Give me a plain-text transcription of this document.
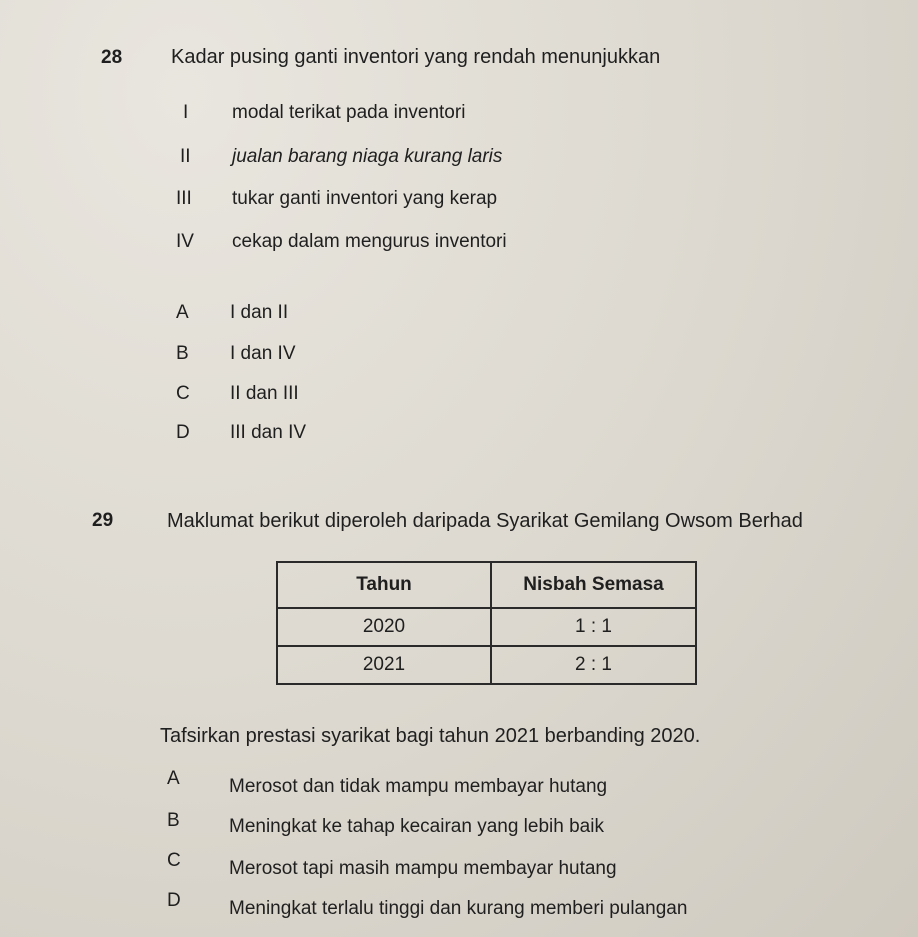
28 Kadar pusing ganti inventori yang rendah menunjukkan
I modal terikat pada inventori
II jualan barang niaga kurang laris
III tukar ganti inventori yang kerap
IV cekap dalam mengurus inventori
A I dan II
B I dan IV
C II dan III
D III dan IV
29	Maklumat berikut diperoleh daripada Syarikat Gemilang Owsom Berhad
Tahun	Nisbah Semasa
2020	1 : 1
2021	2 : 1
Tafsirkan prestasi syarikat bagi tahun 2021 berbanding 2020.
A	Merosot dan tidak mampu membayar hutang
B	Meningkat ke tahap kecairan yang lebih baik
C	Merosot tapi masih mampu membayar hutang
D	Meningkat terlalu tinggi dan kurang memberi pulangan
